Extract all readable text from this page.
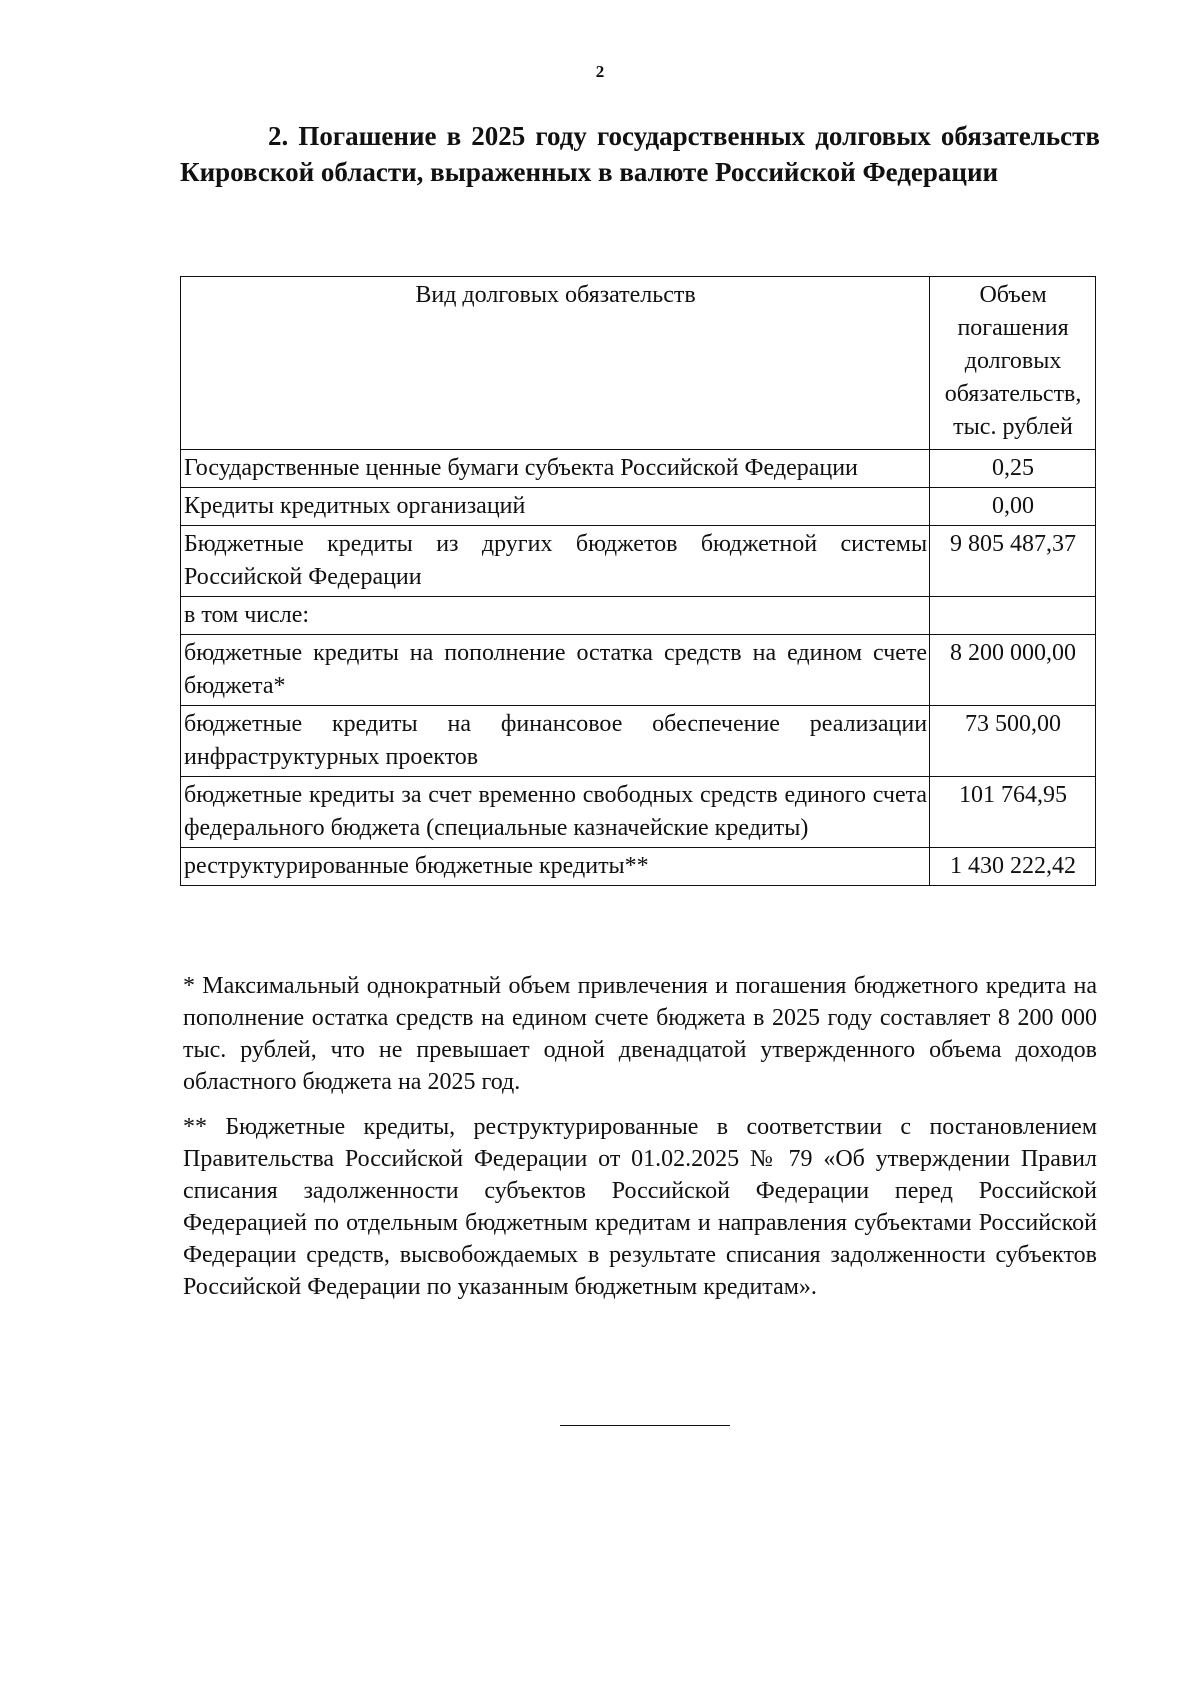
2

2. Погашение в 2025 году государственных долговых обязательств Кировской области, выраженных в валюте Российской Федерации

Вид долговых обязательств	Объем погашения долговых обязательств, тыс. рублей
Государственные ценные бумаги субъекта Российской Федерации	0,25
Кредиты кредитных организаций	0,00
Бюджетные кредиты из других бюджетов бюджетной системы Российской Федерации	9 805 487,37
в том числе:	
бюджетные кредиты на пополнение остатка средств на едином счете бюджета*	8 200 000,00
бюджетные кредиты на финансовое обеспечение реализации инфраструктурных проектов	73 500,00
бюджетные кредиты за счет временно свободных средств единого счета федерального бюджета (специальные казначейские кредиты)	101 764,95
реструктурированные бюджетные кредиты**	1 430 222,42

* Максимальный однократный объем привлечения и погашения бюджетного кредита на пополнение остатка средств на едином счете бюджета в 2025 году составляет 8 200 000 тыс. рублей, что не превышает одной двенадцатой утвержденного объема доходов областного бюджета на 2025 год.

** Бюджетные кредиты, реструктурированные в соответствии с постановлением Правительства Российской Федерации от 01.02.2025 № 79 «Об утверждении Правил списания задолженности субъектов Российской Федерации перед Российской Федерацией по отдельным бюджетным кредитам и направления субъектами Российской Федерации средств, высвобождаемых в результате списания задолженности субъектов Российской Федерации по указанным бюджетным кредитам».
